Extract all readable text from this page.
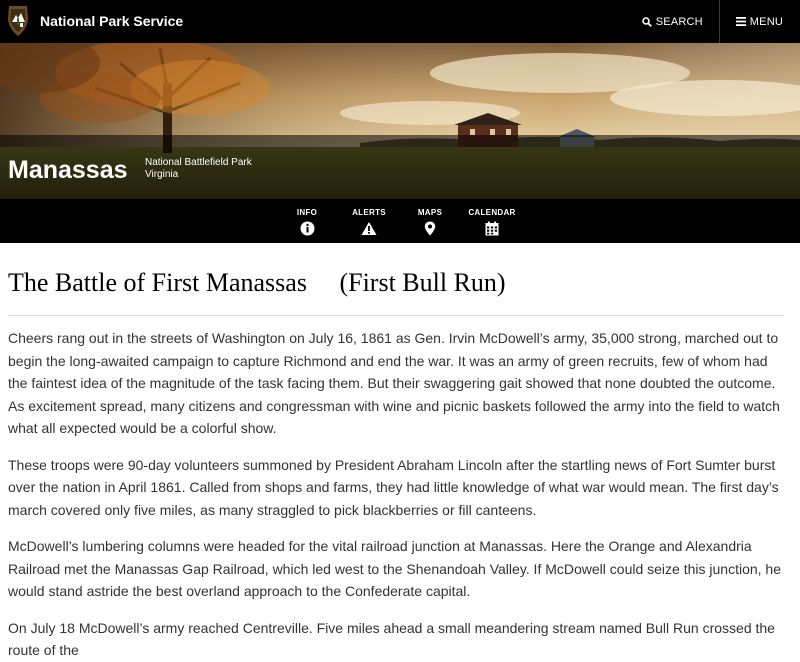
National Park Service	SEARCH	MENU
Manassas National Battlefield Park
Virginia
INFO	ALERTS	MAPS	CALENDAR
The Battle of First Manassas     (First Bull Run)

Cheers rang out in the streets of Washington on July 16, 1861 as Gen. Irvin McDowell’s army, 35,000 strong, marched out to begin the long-awaited campaign to capture Richmond and end the war. It was an army of green recruits, few of whom had the faintest idea of the magnitude of the task facing them. But their swaggering gait showed that none doubted the outcome. As excitement spread, many citizens and congressman with wine and picnic baskets followed the army into the field to watch what all expected would be a colorful show.

These troops were 90-day volunteers summoned by President Abraham Lincoln after the startling news of Fort Sumter burst over the nation in April 1861. Called from shops and farms, they had little knowledge of what war would mean. The first day’s march covered only five miles, as many straggled to pick blackberries or fill canteens.

McDowell’s lumbering columns were headed for the vital railroad junction at Manassas. Here the Orange and Alexandria Railroad met the Manassas Gap Railroad, which led west to the Shenandoah Valley. If McDowell could seize this junction, he would stand astride the best overland approach to the Confederate capital.

On July 18 McDowell’s army reached Centreville. Five miles ahead a small meandering stream named Bull Run crossed the route of the
